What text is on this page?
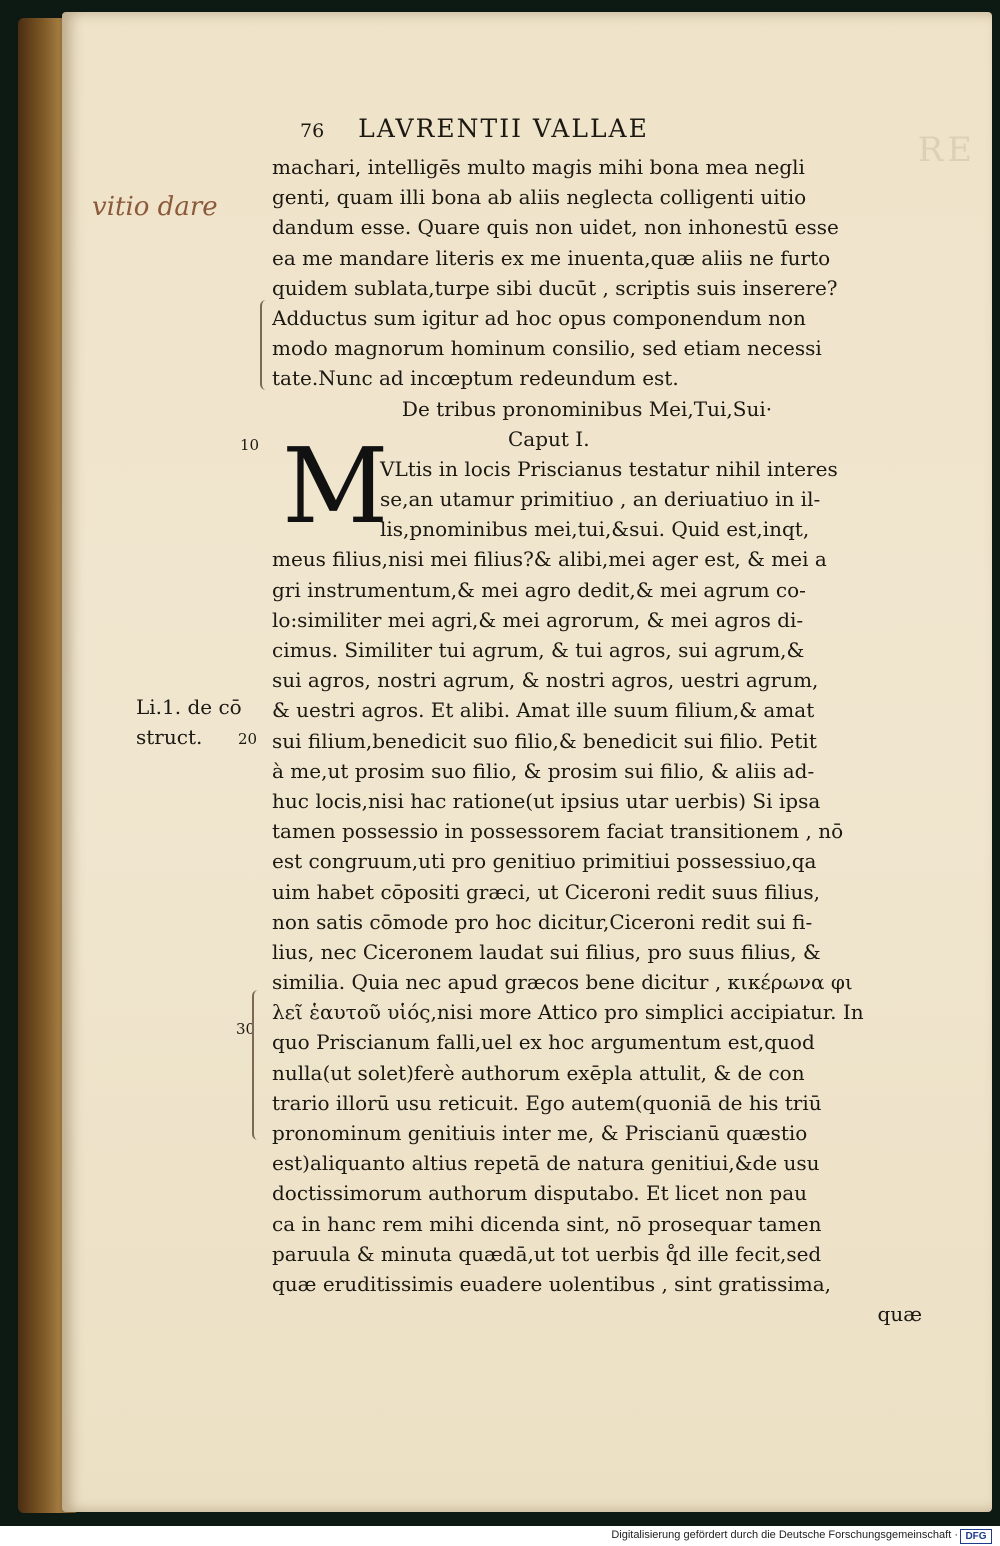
RE
76 LAVRENTII VALLAE
vitio dare
10
20
30
Li.1. de cō
struct.
M
machari, intelligēs multo magis mihi bona mea negli
genti, quam illi bona ab aliis neglecta colligenti uitio
dandum esse. Quare quis non uidet, non inhonestū esse
ea me mandare literis ex me inuenta,quæ aliis ne furto
quidem sublata,turpe sibi ducūt , scriptis suis inserere?
Adductus sum igitur ad hoc opus componendum non
modo magnorum hominum consilio, sed etiam necessi
tate.Nunc ad incœptum redeundum est.
De tribus pronominibus Mei,Tui,Sui·
Caput I.
VLtis in locis Priscianus testatur nihil interes
se,an utamur primitiuo , an deriuatiuo in il-
lis,pnominibus mei,tui,&sui. Quid est,inqt,
meus filius,nisi mei filius?& alibi,mei ager est, & mei a
gri instrumentum,& mei agro dedit,& mei agrum co-
lo:similiter mei agri,& mei agrorum, & mei agros di-
cimus. Similiter tui agrum, & tui agros, sui agrum,&
sui agros, nostri agrum, & nostri agros, uestri agrum,
& uestri agros. Et alibi. Amat ille suum filium,& amat
sui filium,benedicit suo filio,& benedicit sui filio. Petit
à me,ut prosim suo filio, & prosim sui filio, & aliis ad-
huc locis,nisi hac ratione(ut ipsius utar uerbis) Si ipsa
tamen possessio in possessorem faciat transitionem , nō
est congruum,uti pro genitiuo primitiui possessiuo,qa
uim habet cōpositi græci, ut Ciceroni redit suus filius,
non satis cōmode pro hoc dicitur,Ciceroni redit sui fi-
lius, nec Ciceronem laudat sui filius, pro suus filius, &
similia. Quia nec apud græcos bene dicitur , κικέρωνα φι
λεῖ ἑαυτοῦ υἱός,nisi more Attico pro simplici accipiatur. In
quo Priscianum falli,uel ex hoc argumentum est,quod
nulla(ut solet)ferè authorum exēpla attulit, & de con
trario illorū usu reticuit. Ego autem(quoniā de his triū
pronominum genitiuis inter me, & Priscianū quæstio
est)aliquanto altius repetā de natura genitiui,&de usu
doctissimorum authorum disputabo. Et licet non pau
ca in hanc rem mihi dicenda sint, nō prosequar tamen
paruula & minuta quædā,ut tot uerbis q̊d ille fecit,sed
quæ eruditissimis euadere uolentibus , sint gratissima,
quæ
Digitalisierung gefördert durch die Deutsche Forschungsgemeinschaft · DFG
